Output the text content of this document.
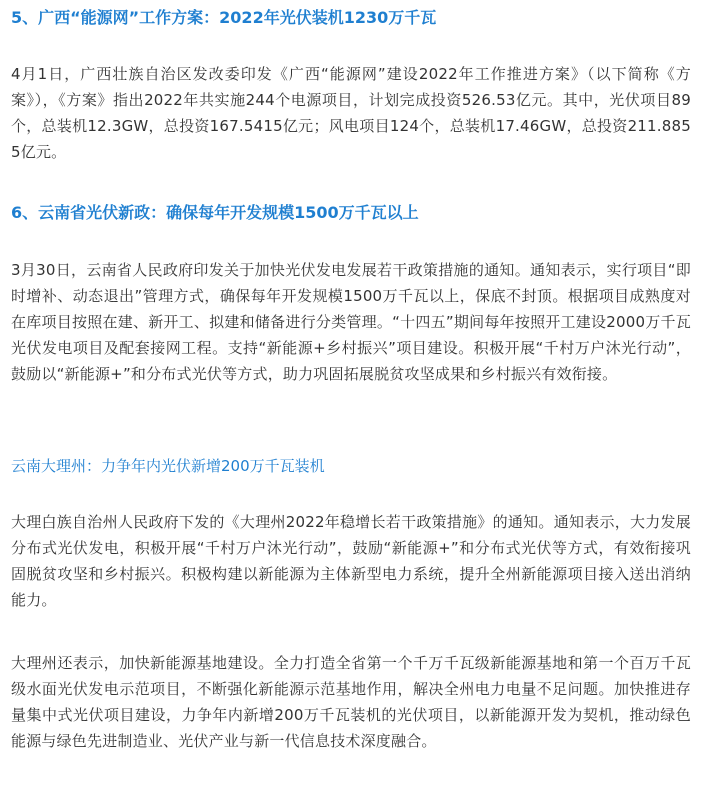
5、广西“能源网”工作方案：2022年光伏装机1230万千瓦

4月1日，广西壮族自治区发改委印发《广西“能源网”建设2022年工作推进方案》（以下简称《方案》），《方案》指出2022年共实施244个电源项目，计划完成投资526.53亿元。其中，光伏项目89个，总装机12.3GW，总投资167.5415亿元；风电项目124个，总装机17.46GW，总投资211.8855亿元。

6、云南省光伏新政：确保每年开发规模1500万千瓦以上

3月30日，云南省人民政府印发关于加快光伏发电发展若干政策措施的通知。通知表示，实行项目“即时增补、动态退出”管理方式，确保每年开发规模1500万千瓦以上，保底不封顶。根据项目成熟度对在库项目按照在建、新开工、拟建和储备进行分类管理。“十四五”期间每年按照开工建设2000万千瓦光伏发电项目及配套接网工程。支持“新能源+乡村振兴”项目建设。积极开展“千村万户沐光行动”，鼓励以“新能源+”和分布式光伏等方式，助力巩固拓展脱贫攻坚成果和乡村振兴有效衔接。

云南大理州：力争年内光伏新增200万千瓦装机

大理白族自治州人民政府下发的《大理州2022年稳增长若干政策措施》的通知。通知表示，大力发展分布式光伏发电，积极开展“千村万户沐光行动”，鼓励“新能源+”和分布式光伏等方式，有效衔接巩固脱贫攻坚和乡村振兴。积极构建以新能源为主体新型电力系统，提升全州新能源项目接入送出消纳能力。

大理州还表示，加快新能源基地建设。全力打造全省第一个千万千瓦级新能源基地和第一个百万千瓦级水面光伏发电示范项目，不断强化新能源示范基地作用，解决全州电力电量不足问题。加快推进存量集中式光伏项目建设，力争年内新增200万千瓦装机的光伏项目，以新能源开发为契机，推动绿色能源与绿色先进制造业、光伏产业与新一代信息技术深度融合。
